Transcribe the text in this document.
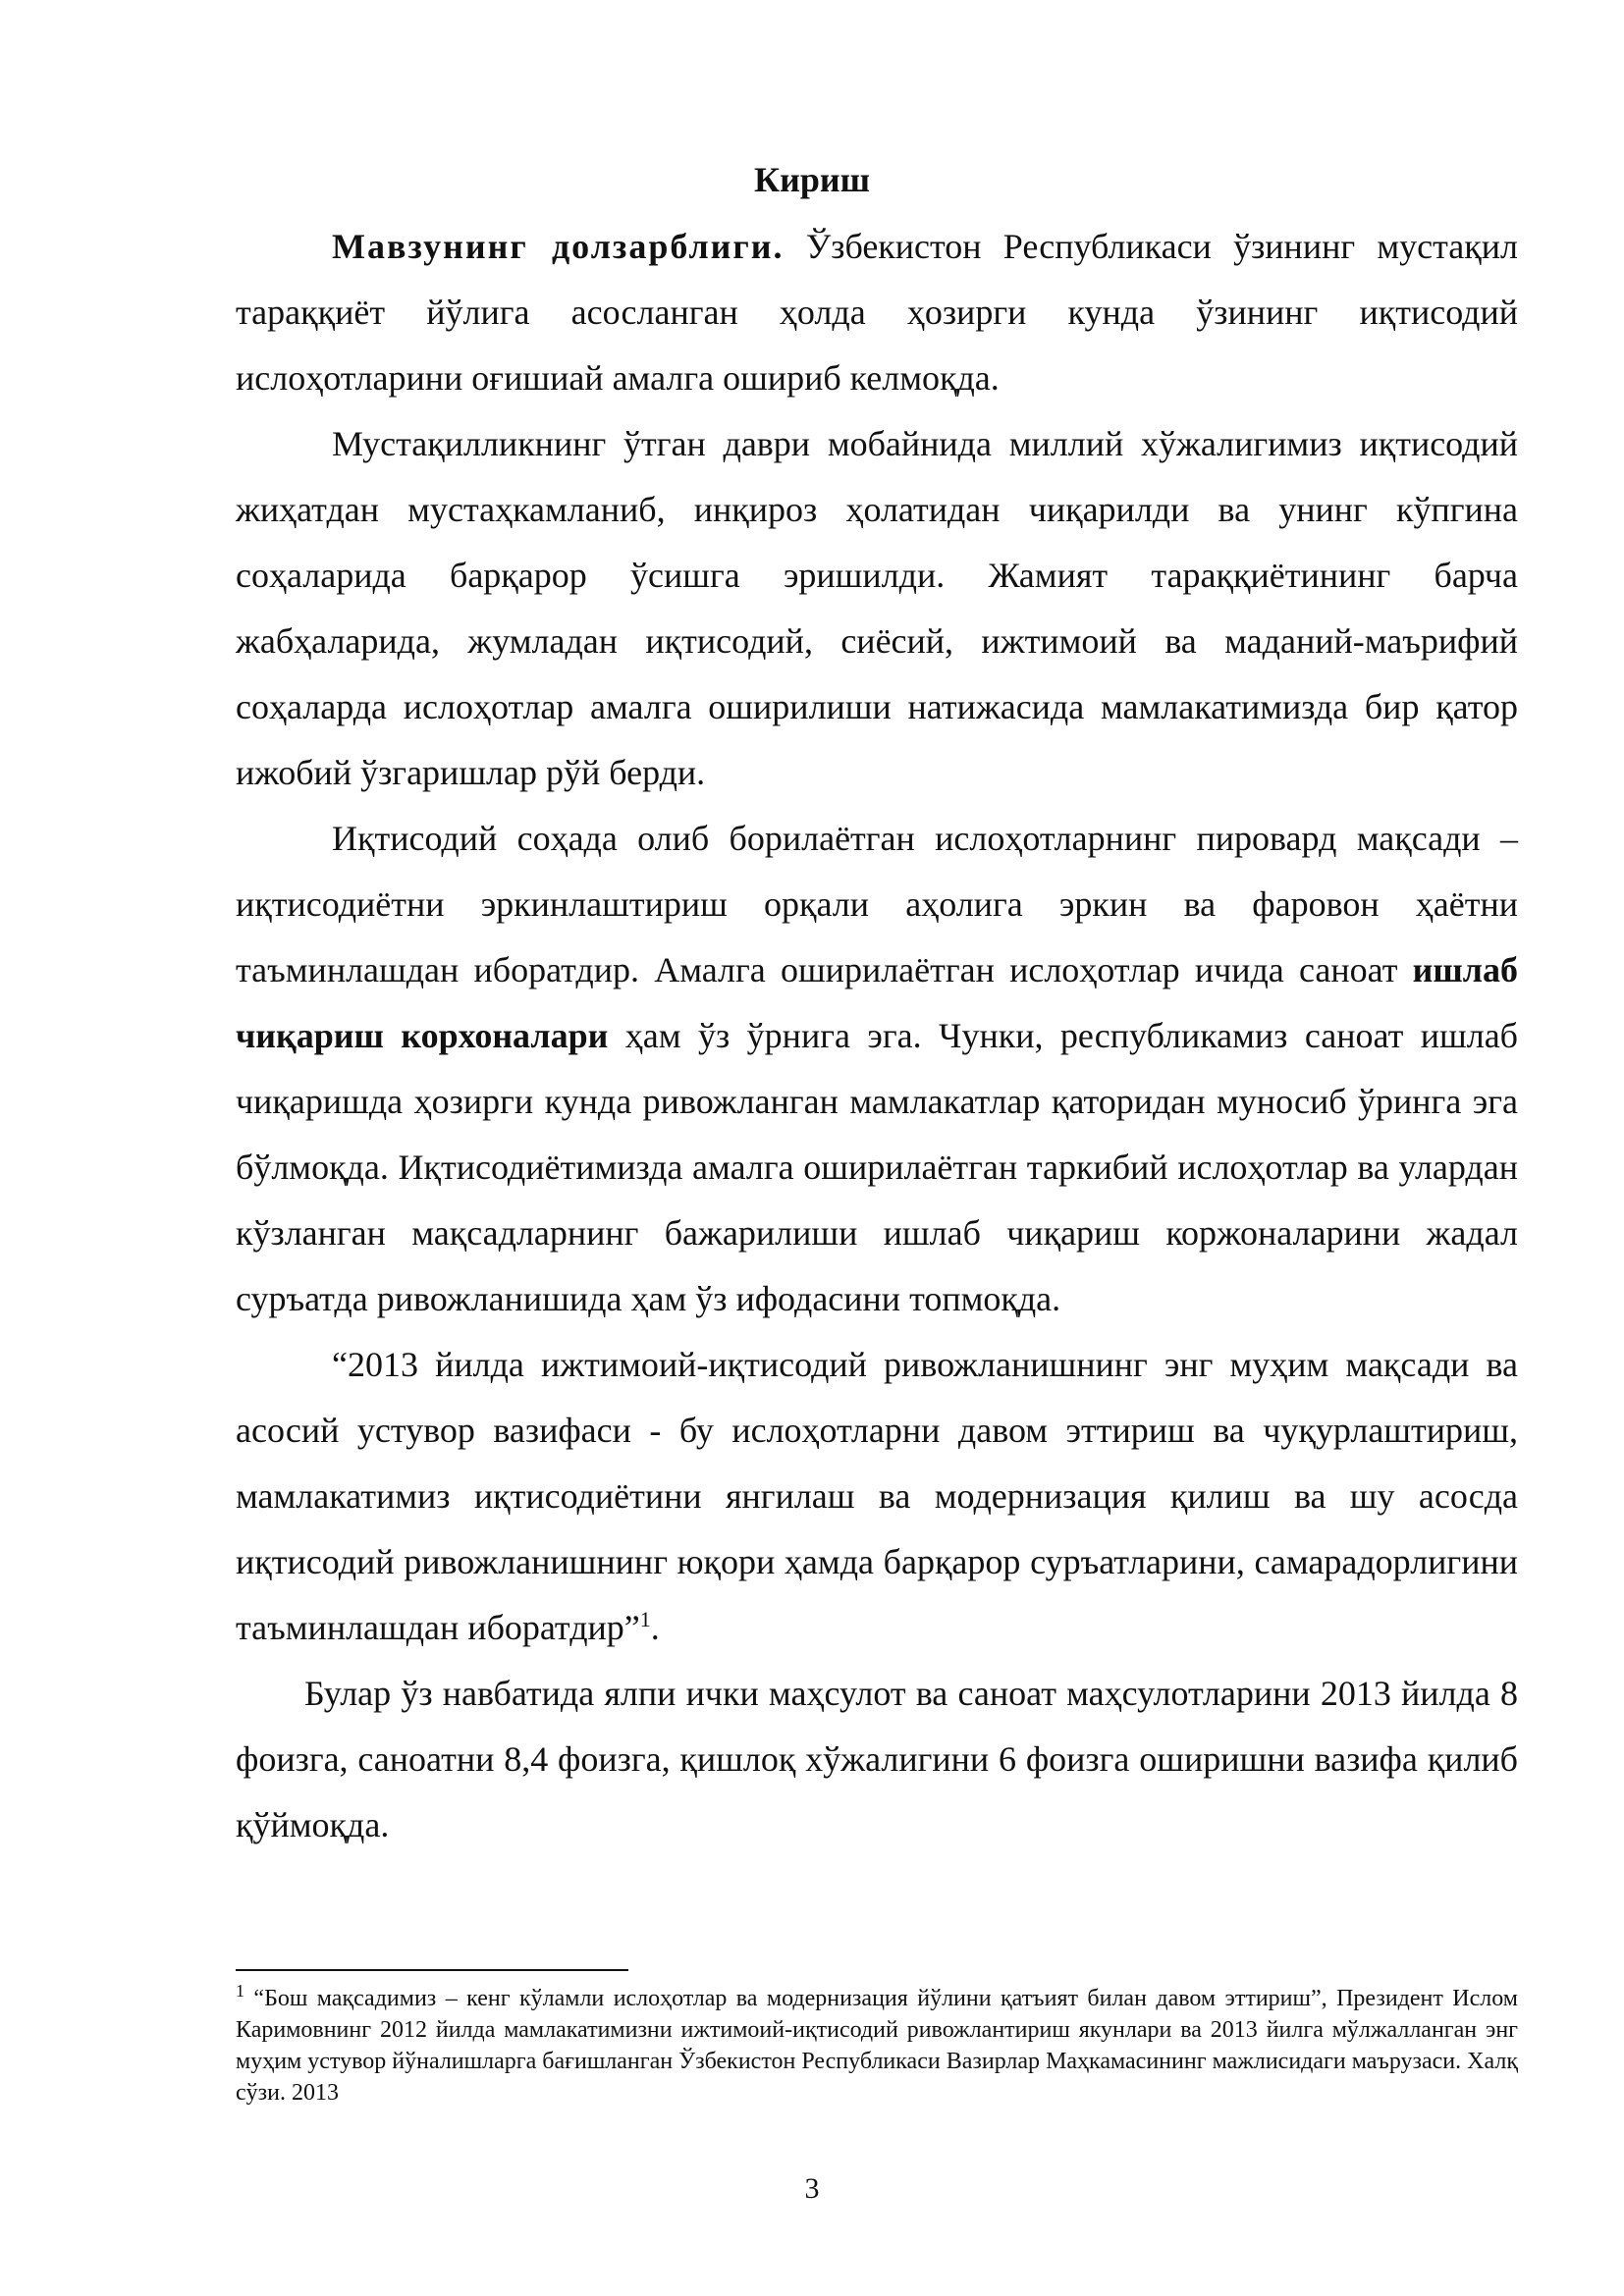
Кириш

Мавзунинг долзарблиги. Ўзбекистон Республикаси ўзининг мустақил тараққиёт йўлига асосланган ҳолда ҳозирги кунда ўзининг иқтисодий ислоҳотларини оғишиай амалга ошириб келмоқда.

Мустақилликнинг ўтган даври мобайнида миллий хўжалигимиз иқтисодий жиҳатдан мустаҳкамланиб, инқироз ҳолатидан чиқарилди ва унинг кўпгина соҳаларида барқарор ўсишга эришилди. Жамият тараққиётининг барча жабҳаларида, жумладан иқтисодий, сиёсий, ижтимоий ва маданий-маърифий соҳаларда ислоҳотлар амалга оширилиши натижасида мамлакатимизда бир қатор ижобий ўзгаришлар рўй берди.

Иқтисодий соҳада олиб борилаётган ислоҳотларнинг пировард мақсади – иқтисодиётни эркинлаштириш орқали аҳолига эркин ва фаровон ҳаётни таъминлашдан иборатдир. Амалга оширилаётган ислоҳотлар ичида саноат ишлаб чиқариш корхоналари ҳам ўз ўрнига эга. Чунки, республикамиз саноат ишлаб чиқаришда ҳозирги кунда ривожланган мамлакатлар қаторидан муносиб ўринга эга бўлмоқда. Иқтисодиётимизда амалга оширилаётган таркибий ислоҳотлар ва улардан кўзланган мақсадларнинг бажарилиши ишлаб чиқариш коржоналарини жадал суръатда ривожланишида ҳам ўз ифодасини топмоқда.

“2013 йилда ижтимоий-иқтисодий ривожланишнинг энг муҳим мақсади ва асосий устувор вазифаси - бу ислоҳотларни давом эттириш ва чуқурлаштириш, мамлакатимиз иқтисодиётини янгилаш ва модернизация қилиш ва шу асосда иқтисодий ривожланишнинг юқори ҳамда барқарор суръатларини, самарадорлигини таъминлашдан иборатдир”$^1$.

Булар ўз навбатида ялпи ички маҳсулот ва саноат маҳсулотларини 2013 йилда 8 фоизга, саноатни 8,4 фоизга, қишлоқ хўжалигини 6 фоизга оширишни вазифа қилиб қўймоқда.

$^1$ “Бош мақсадимиз – кенг кўламли ислоҳотлар ва модернизация йўлини қатъият билан давом эттириш”, Президент Ислом Каримовнинг 2012 йилда мамлакатимизни ижтимоий-иқтисодий ривожлантириш якунлари ва 2013 йилга мўлжалланган энг муҳим устувор йўналишларга бағишланган Ўзбекистон Республикаси Вазирлар Маҳкамасининг мажлисидаги маърузаси. Халқ сўзи. 2013
3
